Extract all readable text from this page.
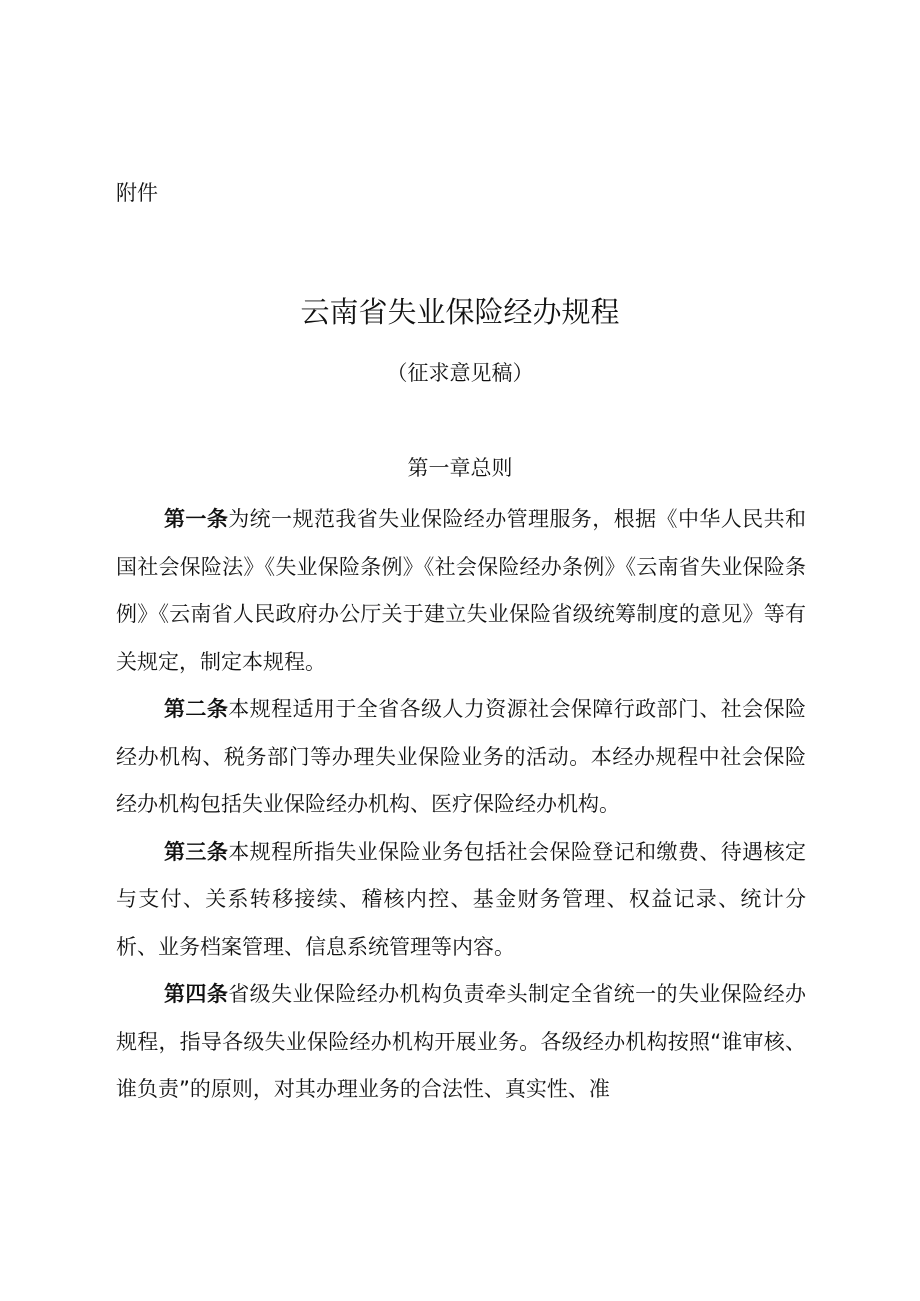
附件
云南省失业保险经办规程
（征求意见稿）
第一章总则

第一条为统一规范我省失业保险经办管理服务，根据《中华人民共和国社会保险法》《失业保险条例》《社会保险经办条例》《云南省失业保险条例》《云南省人民政府办公厅关于建立失业保险省级统筹制度的意见》等有关规定，制定本规程。

第二条本规程适用于全省各级人力资源社会保障行政部门、社会保险经办机构、税务部门等办理失业保险业务的活动。本经办规程中社会保险经办机构包括失业保险经办机构、医疗保险经办机构。

第三条本规程所指失业保险业务包括社会保险登记和缴费、待遇核定与支付、关系转移接续、稽核内控、基金财务管理、权益记录、统计分析、业务档案管理、信息系统管理等内容。

第四条省级失业保险经办机构负责牵头制定全省统一的失业保险经办规程，指导各级失业保险经办机构开展业务。各级经办机构按照“谁审核、谁负责”的原则，对其办理业务的合法性、真实性、准
